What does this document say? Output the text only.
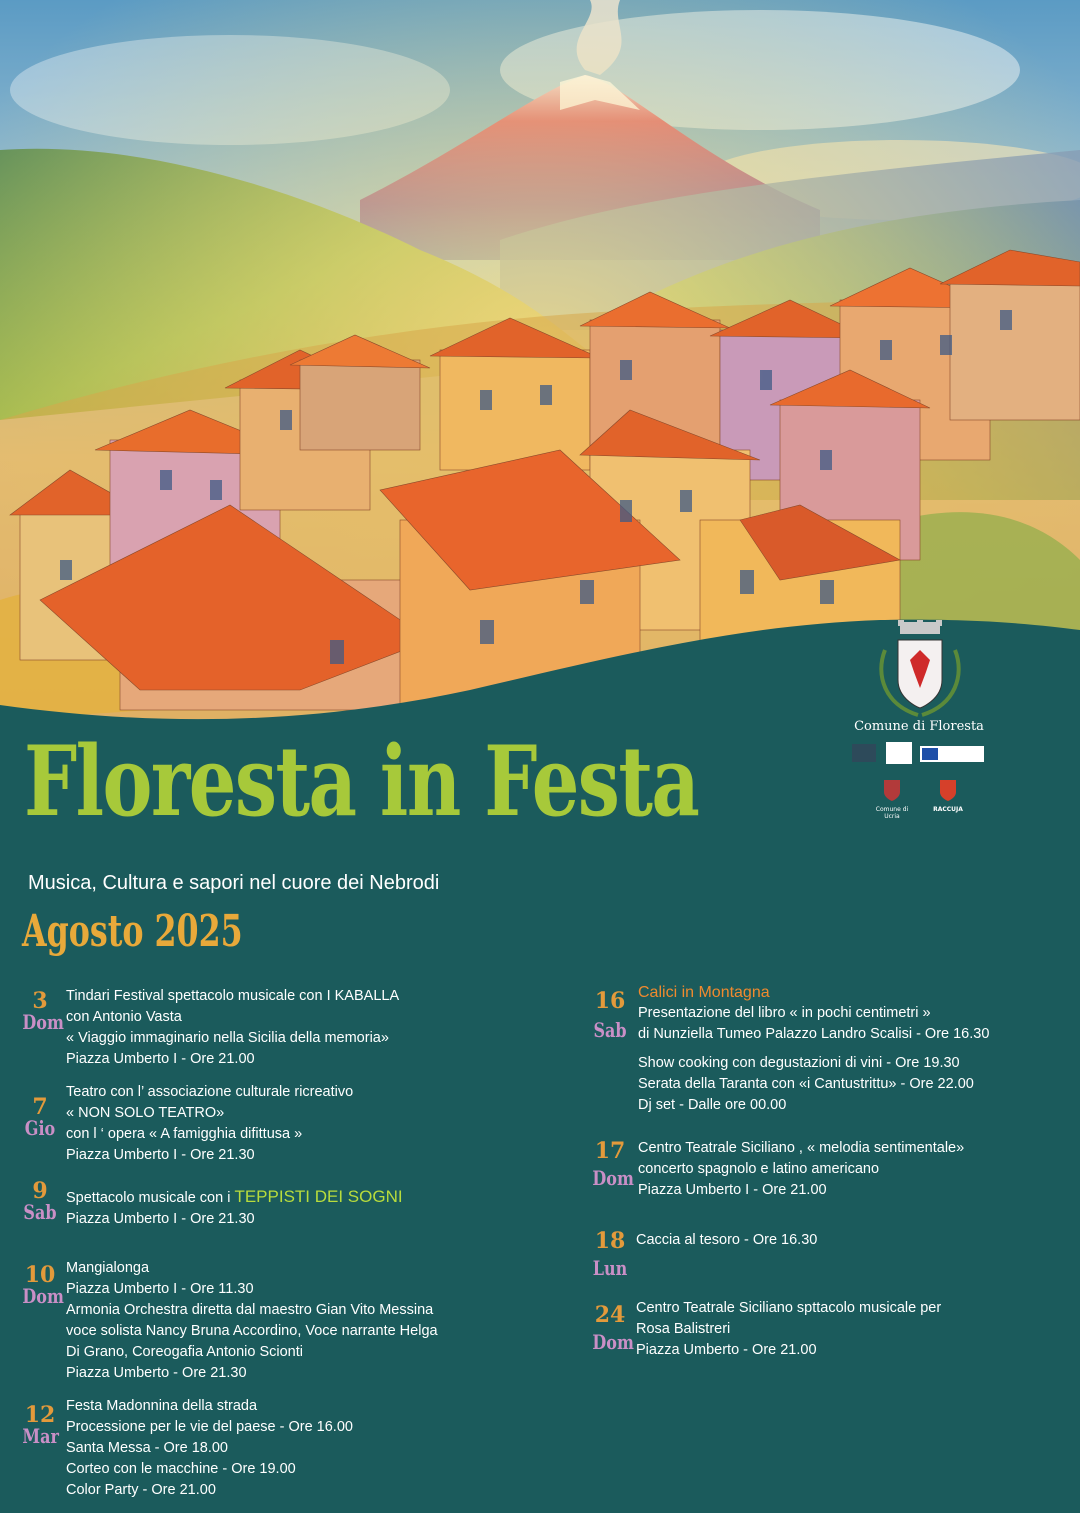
Comune di Floresta
Comune di Ucria
RACCUJA
Floresta in Festa
Musica, Cultura e sapori nel cuore dei Nebrodi
Agosto 2025
3
Dom
Tindari Festival spettacolo musicale con I KABALLA
con Antonio Vasta
« Viaggio immaginario nella Sicilia della memoria»
Piazza Umberto I - Ore 21.00
7
Gio
Teatro con l’ associazione culturale ricreativo
« NON SOLO TEATRO»
con l ‘ opera « A famigghia difittusa »
Piazza Umberto I - Ore 21.30
9
Sab
Spettacolo musicale con i TEPPISTI DEI SOGNI
Piazza Umberto I - Ore 21.30
10
Dom
Mangialonga
Piazza Umberto I - Ore 11.30
Armonia Orchestra diretta dal maestro Gian Vito Messina
voce solista Nancy Bruna Accordino, Voce narrante Helga
Di Grano, Coreogafia Antonio Scionti
Piazza Umberto - Ore 21.30
12
Mar
Festa Madonnina della strada
Processione per le vie del paese - Ore 16.00
Santa Messa - Ore 18.00
Corteo con le macchine - Ore 19.00
Color Party - Ore 21.00
16
Sab
Calici in Montagna
Presentazione del libro « in pochi centimetri »
di Nunziella Tumeo Palazzo Landro Scalisi - Ore 16.30
Show cooking con degustazioni di vini - Ore 19.30
Serata della Taranta con «i Cantustrittu» - Ore 22.00
Dj set - Dalle ore 00.00
17
Dom
Centro Teatrale Siciliano , « melodia sentimentale»
concerto spagnolo e latino americano
Piazza Umberto I - Ore 21.00
18
Lun
Caccia al tesoro - Ore 16.30
24
Dom
Centro Teatrale Siciliano spttacolo musicale per
Rosa Balistreri
Piazza Umberto - Ore 21.00
